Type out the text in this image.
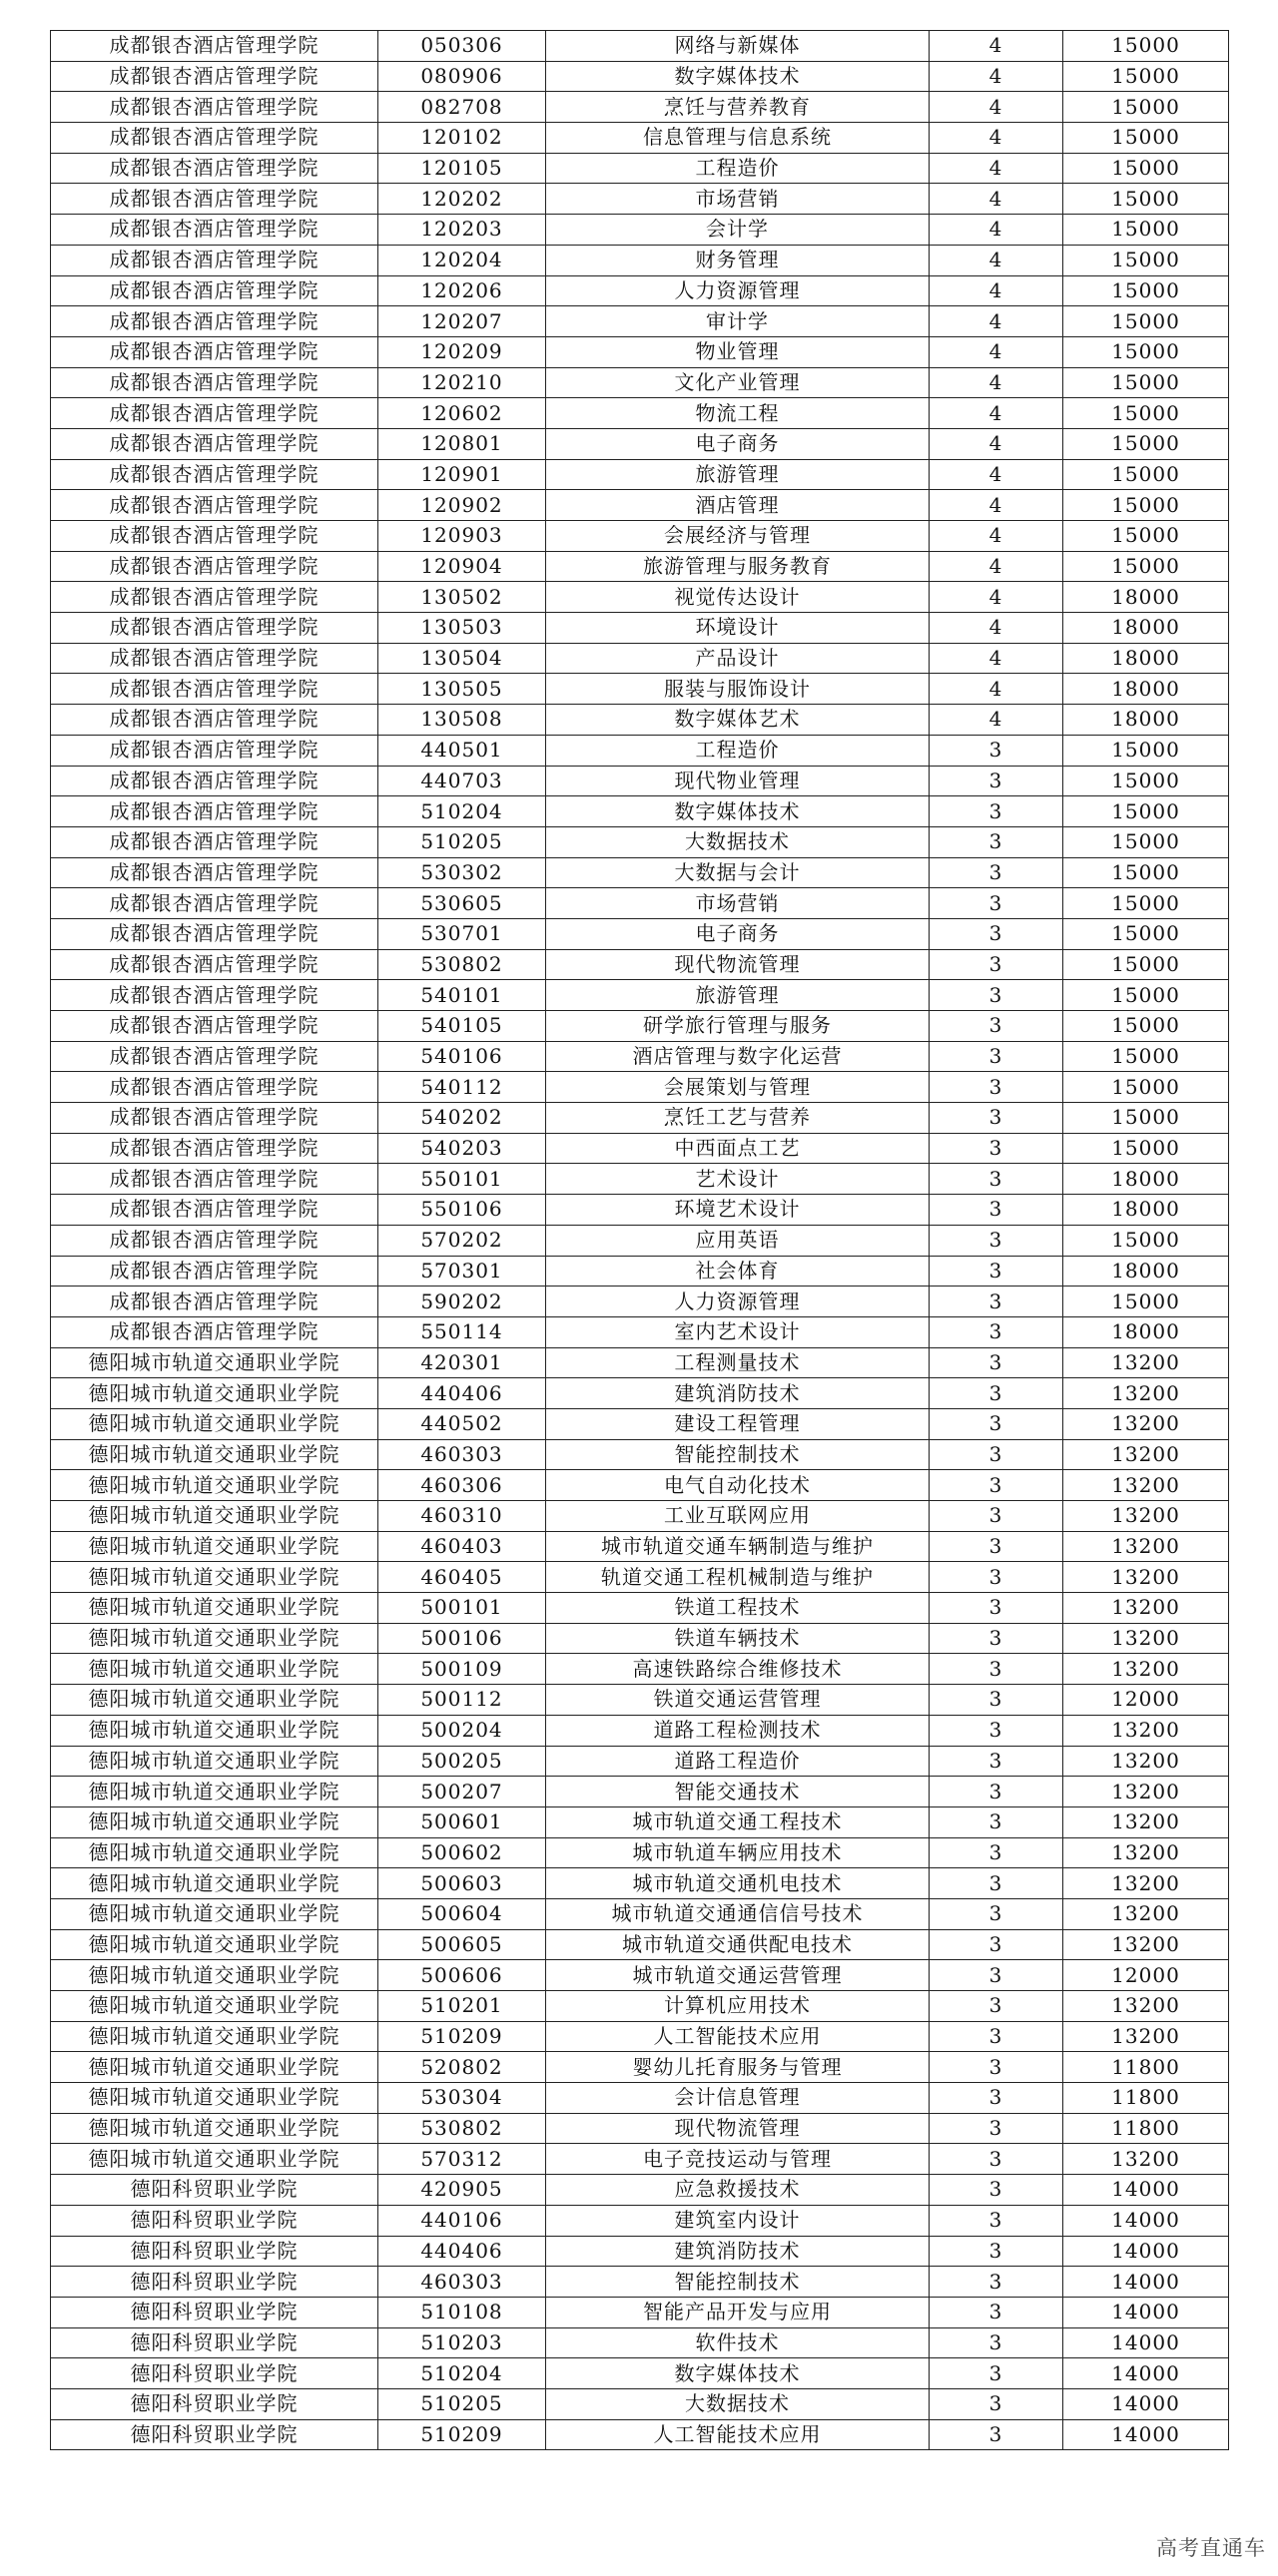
成都银杏酒店管理学院	050306	网络与新媒体	4	15000
成都银杏酒店管理学院	080906	数字媒体技术	4	15000
成都银杏酒店管理学院	082708	烹饪与营养教育	4	15000
成都银杏酒店管理学院	120102	信息管理与信息系统	4	15000
成都银杏酒店管理学院	120105	工程造价	4	15000
成都银杏酒店管理学院	120202	市场营销	4	15000
成都银杏酒店管理学院	120203	会计学	4	15000
成都银杏酒店管理学院	120204	财务管理	4	15000
成都银杏酒店管理学院	120206	人力资源管理	4	15000
成都银杏酒店管理学院	120207	审计学	4	15000
成都银杏酒店管理学院	120209	物业管理	4	15000
成都银杏酒店管理学院	120210	文化产业管理	4	15000
成都银杏酒店管理学院	120602	物流工程	4	15000
成都银杏酒店管理学院	120801	电子商务	4	15000
成都银杏酒店管理学院	120901	旅游管理	4	15000
成都银杏酒店管理学院	120902	酒店管理	4	15000
成都银杏酒店管理学院	120903	会展经济与管理	4	15000
成都银杏酒店管理学院	120904	旅游管理与服务教育	4	15000
成都银杏酒店管理学院	130502	视觉传达设计	4	18000
成都银杏酒店管理学院	130503	环境设计	4	18000
成都银杏酒店管理学院	130504	产品设计	4	18000
成都银杏酒店管理学院	130505	服装与服饰设计	4	18000
成都银杏酒店管理学院	130508	数字媒体艺术	4	18000
成都银杏酒店管理学院	440501	工程造价	3	15000
成都银杏酒店管理学院	440703	现代物业管理	3	15000
成都银杏酒店管理学院	510204	数字媒体技术	3	15000
成都银杏酒店管理学院	510205	大数据技术	3	15000
成都银杏酒店管理学院	530302	大数据与会计	3	15000
成都银杏酒店管理学院	530605	市场营销	3	15000
成都银杏酒店管理学院	530701	电子商务	3	15000
成都银杏酒店管理学院	530802	现代物流管理	3	15000
成都银杏酒店管理学院	540101	旅游管理	3	15000
成都银杏酒店管理学院	540105	研学旅行管理与服务	3	15000
成都银杏酒店管理学院	540106	酒店管理与数字化运营	3	15000
成都银杏酒店管理学院	540112	会展策划与管理	3	15000
成都银杏酒店管理学院	540202	烹饪工艺与营养	3	15000
成都银杏酒店管理学院	540203	中西面点工艺	3	15000
成都银杏酒店管理学院	550101	艺术设计	3	18000
成都银杏酒店管理学院	550106	环境艺术设计	3	18000
成都银杏酒店管理学院	570202	应用英语	3	15000
成都银杏酒店管理学院	570301	社会体育	3	18000
成都银杏酒店管理学院	590202	人力资源管理	3	15000
成都银杏酒店管理学院	550114	室内艺术设计	3	18000
德阳城市轨道交通职业学院	420301	工程测量技术	3	13200
德阳城市轨道交通职业学院	440406	建筑消防技术	3	13200
德阳城市轨道交通职业学院	440502	建设工程管理	3	13200
德阳城市轨道交通职业学院	460303	智能控制技术	3	13200
德阳城市轨道交通职业学院	460306	电气自动化技术	3	13200
德阳城市轨道交通职业学院	460310	工业互联网应用	3	13200
德阳城市轨道交通职业学院	460403	城市轨道交通车辆制造与维护	3	13200
德阳城市轨道交通职业学院	460405	轨道交通工程机械制造与维护	3	13200
德阳城市轨道交通职业学院	500101	铁道工程技术	3	13200
德阳城市轨道交通职业学院	500106	铁道车辆技术	3	13200
德阳城市轨道交通职业学院	500109	高速铁路综合维修技术	3	13200
德阳城市轨道交通职业学院	500112	铁道交通运营管理	3	12000
德阳城市轨道交通职业学院	500204	道路工程检测技术	3	13200
德阳城市轨道交通职业学院	500205	道路工程造价	3	13200
德阳城市轨道交通职业学院	500207	智能交通技术	3	13200
德阳城市轨道交通职业学院	500601	城市轨道交通工程技术	3	13200
德阳城市轨道交通职业学院	500602	城市轨道车辆应用技术	3	13200
德阳城市轨道交通职业学院	500603	城市轨道交通机电技术	3	13200
德阳城市轨道交通职业学院	500604	城市轨道交通通信信号技术	3	13200
德阳城市轨道交通职业学院	500605	城市轨道交通供配电技术	3	13200
德阳城市轨道交通职业学院	500606	城市轨道交通运营管理	3	12000
德阳城市轨道交通职业学院	510201	计算机应用技术	3	13200
德阳城市轨道交通职业学院	510209	人工智能技术应用	3	13200
德阳城市轨道交通职业学院	520802	婴幼儿托育服务与管理	3	11800
德阳城市轨道交通职业学院	530304	会计信息管理	3	11800
德阳城市轨道交通职业学院	530802	现代物流管理	3	11800
德阳城市轨道交通职业学院	570312	电子竞技运动与管理	3	13200
德阳科贸职业学院	420905	应急救援技术	3	14000
德阳科贸职业学院	440106	建筑室内设计	3	14000
德阳科贸职业学院	440406	建筑消防技术	3	14000
德阳科贸职业学院	460303	智能控制技术	3	14000
德阳科贸职业学院	510108	智能产品开发与应用	3	14000
德阳科贸职业学院	510203	软件技术	3	14000
德阳科贸职业学院	510204	数字媒体技术	3	14000
德阳科贸职业学院	510205	大数据技术	3	14000
德阳科贸职业学院	510209	人工智能技术应用	3	14000
高考直通车
